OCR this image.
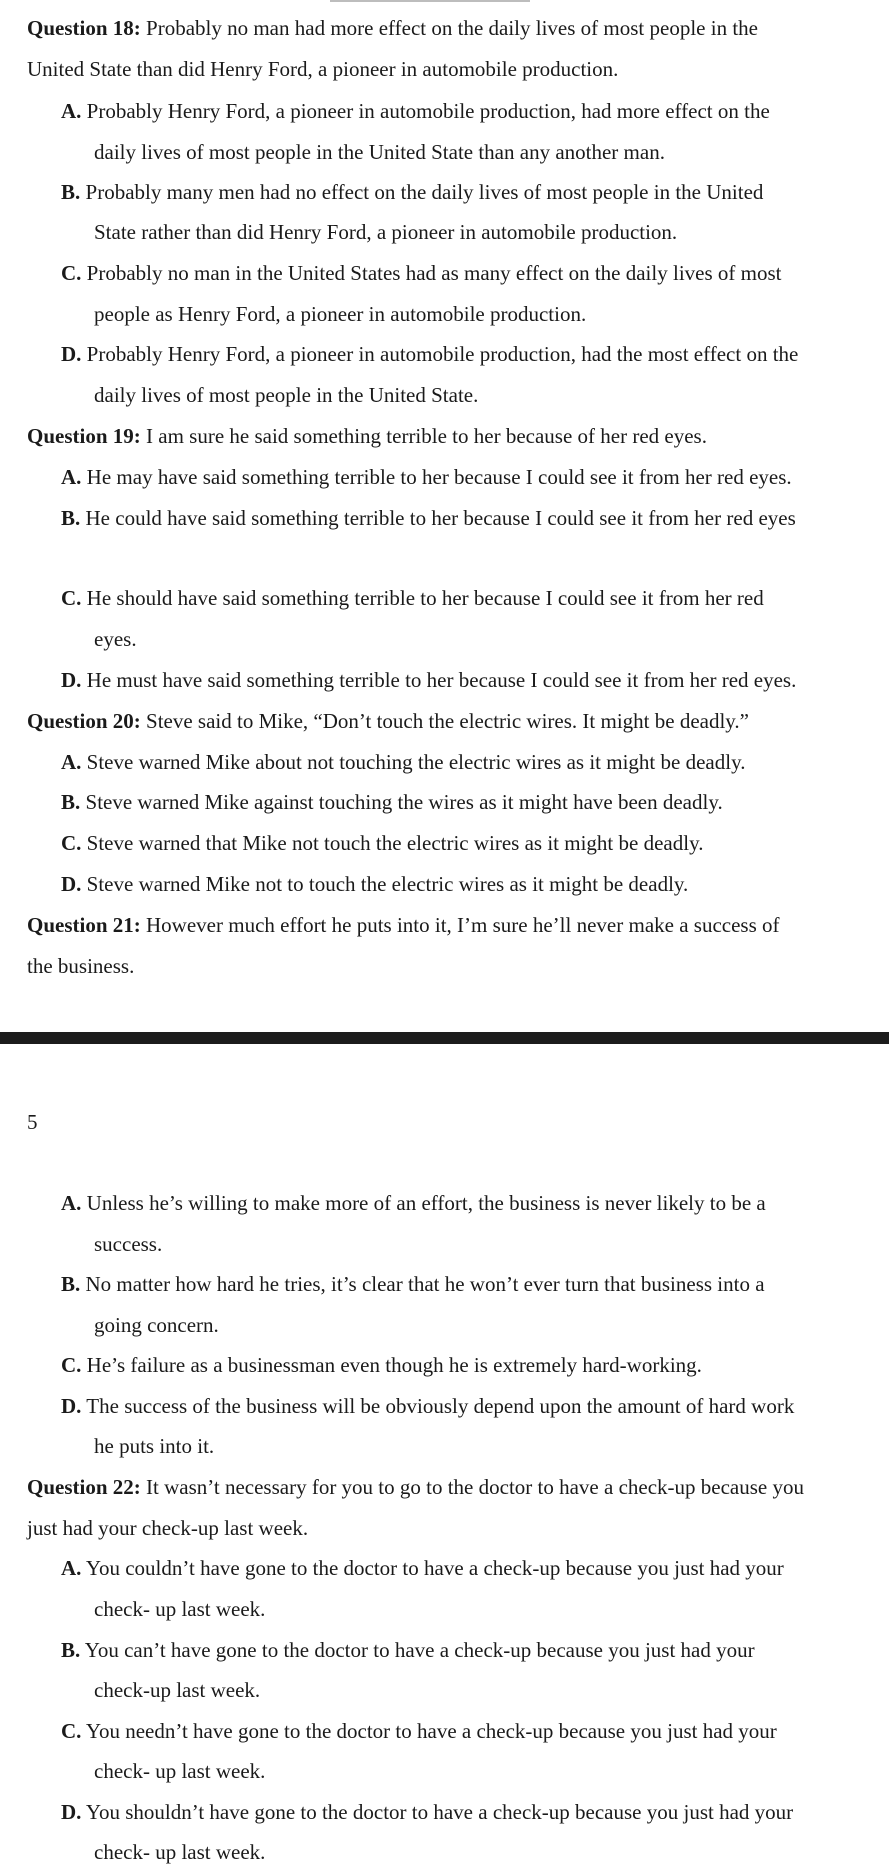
Question 18: Probably no man had more effect on the daily lives of most people in the
United State than did Henry Ford, a pioneer in automobile production.
A. Probably Henry Ford, a pioneer in automobile production, had more effect on the
daily lives of most people in the United State than any another man.
B. Probably many men had no effect on the daily lives of most people in the United
State rather than did Henry Ford, a pioneer in automobile production.
C. Probably no man in the United States had as many effect on the daily lives of most
people as Henry Ford, a pioneer in automobile production.
D. Probably Henry Ford, a pioneer in automobile production, had the most effect on the
daily lives of most people in the United State.
Question 19: I am sure he said something terrible to her because of her red eyes.
A. He may have said something terrible to her because I could see it from her red eyes.
B. He could have said something terrible to her because I could see it from her red eyes
C. He should have said something terrible to her because I could see it from her red
eyes.
D. He must have said something terrible to her because I could see it from her red eyes.
Question 20: Steve said to Mike, “Don’t touch the electric wires. It might be deadly.”
A. Steve warned Mike about not touching the electric wires as it might be deadly.
B. Steve warned Mike against touching the wires as it might have been deadly.
C. Steve warned that Mike not touch the electric wires as it might be deadly.
D. Steve warned Mike not to touch the electric wires as it might be deadly.
Question 21: However much effort he puts into it, I’m sure he’ll never make a success of
the business.
5
A. Unless he’s willing to make more of an effort, the business is never likely to be a
success.
B. No matter how hard he tries, it’s clear that he won’t ever turn that business into a
going concern.
C. He’s failure as a businessman even though he is extremely hard-working.
D. The success of the business will be obviously depend upon the amount of hard work
he puts into it.
Question 22: It wasn’t necessary for you to go to the doctor to have a check-up because you
just had your check-up last week.
A. You couldn’t have gone to the doctor to have a check-up because you just had your
check- up last week.
B. You can’t have gone to the doctor to have a check-up because you just had your
check-up last week.
C. You needn’t have gone to the doctor to have a check-up because you just had your
check- up last week.
D. You shouldn’t have gone to the doctor to have a check-up because you just had your
check- up last week.
